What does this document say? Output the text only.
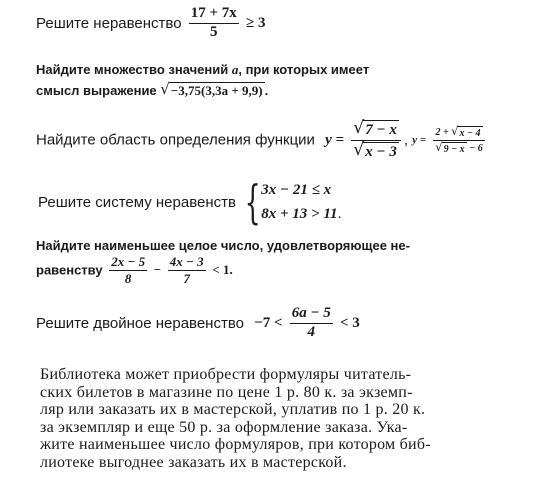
Решите неравенство $\frac{17 + 7x}{5} \ge 3$
Найдите множество значений a, при которых имеет
смысл выражение √ −3,75(3,3a + 9,9) .
Найдите область определения функции $y = \frac{√ 7 - x}{√ x - 3}$ , $y = \frac{2 + √ x - 4}{√ 9 - x - 6}$
Решите систему неравенств { 3x − 21 ≤ x
8x + 13 > 11 .
Найдите наименьшее целое число, удовлетворяющее не-
равенству $\frac{2x - 5}{8} - \frac{4x - 3}{7} < 1$.
Решите двойное неравенство $-7 < \frac{6a - 5}{4} < 3$
Библиотека может приобрести формуляры читатель-
ских билетов в магазине по цене 1 р. 80 к. за экземп-
ляр или заказать их в мастерской, уплатив по 1 р. 20 к.
за экземпляр и еще 50 р. за оформление заказа. Ука-
жите наименьшее число формуляров, при котором биб-
лиотеке выгоднее заказать их в мастерской.
